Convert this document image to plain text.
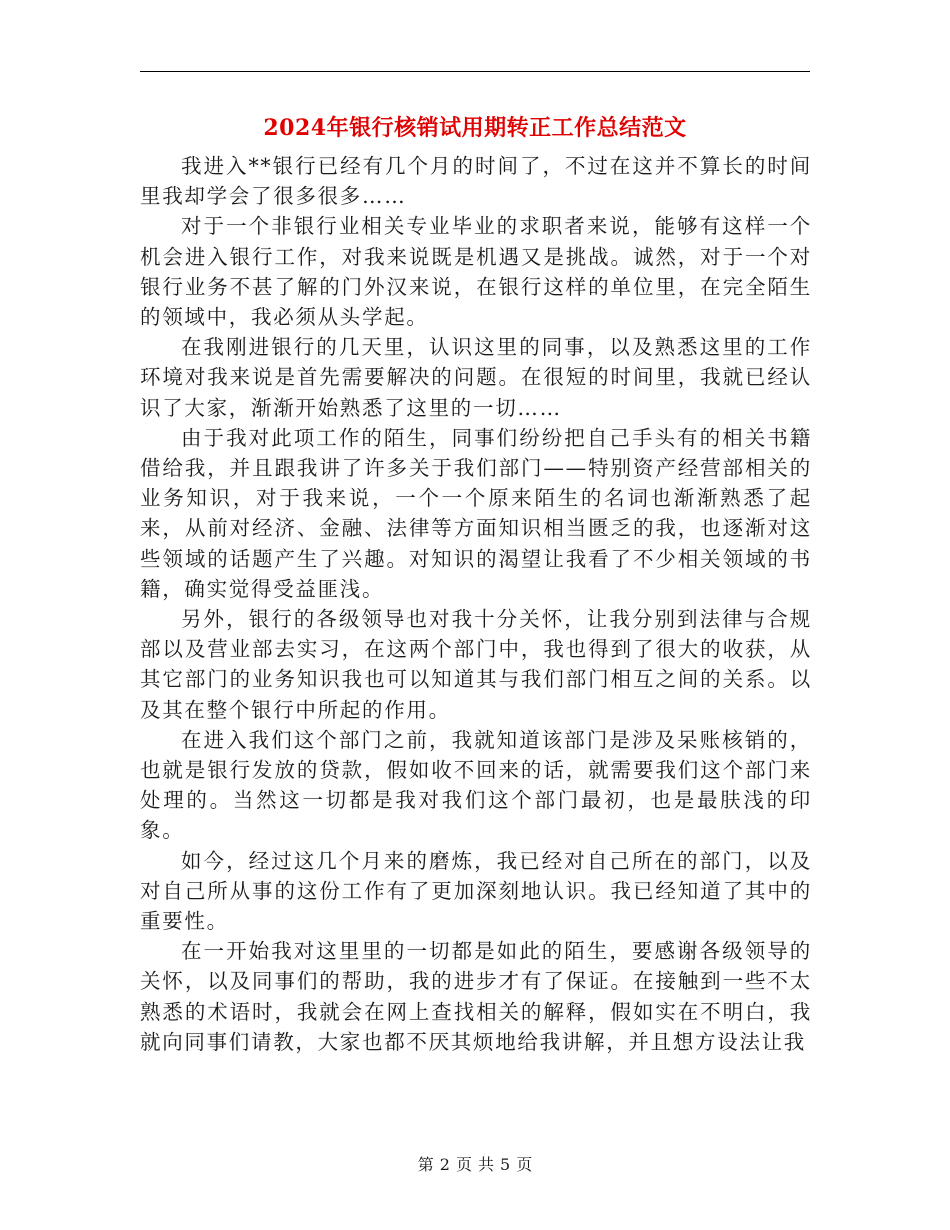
2024年银行核销试用期转正工作总结范文

我进入**银行已经有几个月的时间了，不过在这并不算长的时间里我却学会了很多很多……

对于一个非银行业相关专业毕业的求职者来说，能够有这样一个机会进入银行工作，对我来说既是机遇又是挑战。诚然，对于一个对银行业务不甚了解的门外汉来说，在银行这样的单位里，在完全陌生的领域中，我必须从头学起。

在我刚进银行的几天里，认识这里的同事，以及熟悉这里的工作环境对我来说是首先需要解决的问题。在很短的时间里，我就已经认识了大家，渐渐开始熟悉了这里的一切……

由于我对此项工作的陌生，同事们纷纷把自己手头有的相关书籍借给我，并且跟我讲了许多关于我们部门——特别资产经营部相关的业务知识，对于我来说，一个一个原来陌生的名词也渐渐熟悉了起来，从前对经济、金融、法律等方面知识相当匮乏的我，也逐渐对这些领域的话题产生了兴趣。对知识的渴望让我看了不少相关领域的书籍，确实觉得受益匪浅。

另外，银行的各级领导也对我十分关怀，让我分别到法律与合规部以及营业部去实习，在这两个部门中，我也得到了很大的收获，从其它部门的业务知识我也可以知道其与我们部门相互之间的关系。以及其在整个银行中所起的作用。

在进入我们这个部门之前，我就知道该部门是涉及呆账核销的，也就是银行发放的贷款，假如收不回来的话，就需要我们这个部门来处理的。当然这一切都是我对我们这个部门最初，也是最肤浅的印象。

如今，经过这几个月来的磨炼，我已经对自己所在的部门，以及对自己所从事的这份工作有了更加深刻地认识。我已经知道了其中的重要性。

在一开始我对这里里的一切都是如此的陌生，要感谢各级领导的关怀，以及同事们的帮助，我的进步才有了保证。在接触到一些不太熟悉的术语时，我就会在网上查找相关的解释，假如实在不明白，我就向同事们请教，大家也都不厌其烦地给我讲解，并且想方设法让我

第 2 页 共 5 页
